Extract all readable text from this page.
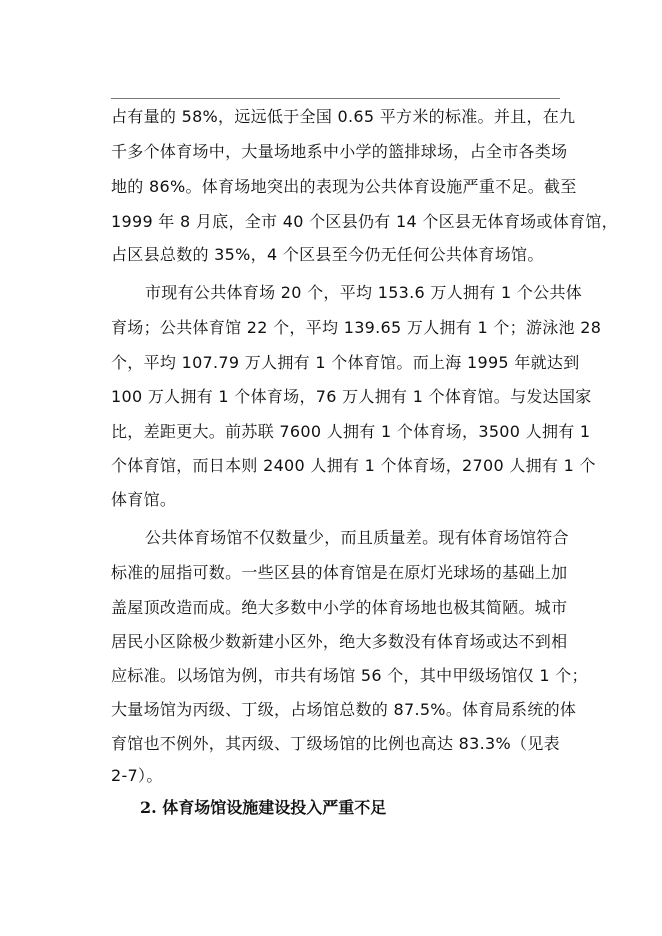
占有量的 58%，远远低于全国 0.65 平方米的标准。并且，在九
千多个体育场中，大量场地系中小学的篮排球场，占全市各类场
地的 86%。体育场地突出的表现为公共体育设施严重不足。截至
1999 年 8 月底，全市 40 个区县仍有 14 个区县无体育场或体育馆，
占区县总数的 35%，4 个区县至今仍无任何公共体育场馆。
市现有公共体育场 20 个，平均 153.6 万人拥有 1 个公共体
育场；公共体育馆 22 个，平均 139.65 万人拥有 1 个；游泳池 28
个，平均 107.79 万人拥有 1 个体育馆。而上海 1995 年就达到
100 万人拥有 1 个体育场，76 万人拥有 1 个体育馆。与发达国家
比，差距更大。前苏联 7600 人拥有 1 个体育场，3500 人拥有 1
个体育馆，而日本则 2400 人拥有 1 个体育场，2700 人拥有 1 个
体育馆。
公共体育场馆不仅数量少，而且质量差。现有体育场馆符合
标准的屈指可数。一些区县的体育馆是在原灯光球场的基础上加
盖屋顶改造而成。绝大多数中小学的体育场地也极其简陋。城市
居民小区除极少数新建小区外，绝大多数没有体育场或达不到相
应标准。以场馆为例，市共有场馆 56 个，其中甲级场馆仅 1 个；
大量场馆为丙级、丁级，占场馆总数的 87.5%。体育局系统的体
育馆也不例外，其丙级、丁级场馆的比例也高达 83.3%（见表
2-7）。
2. 体育场馆设施建设投入严重不足
